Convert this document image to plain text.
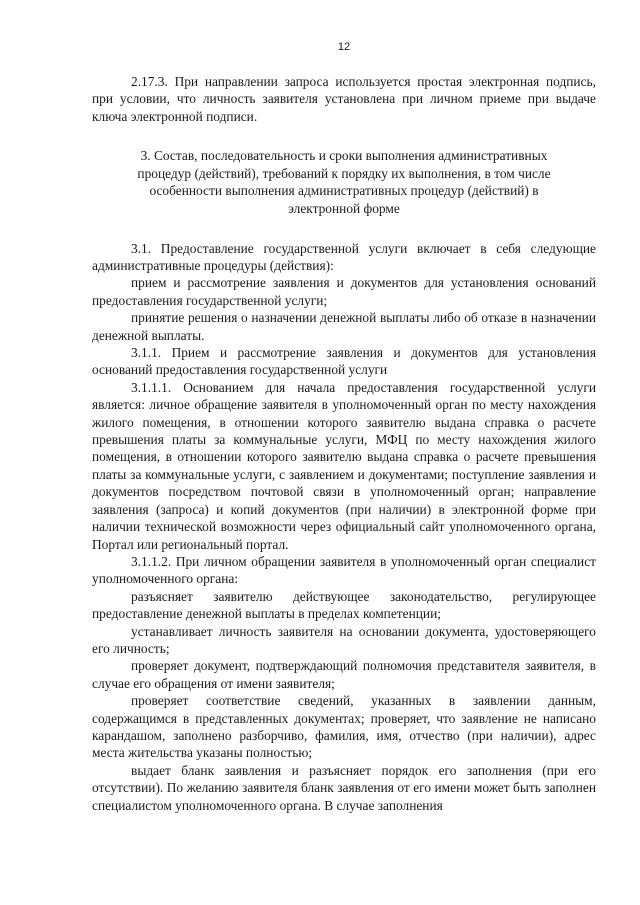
12

2.17.3. При направлении запроса используется простая электронная подпись, при условии, что личность заявителя установлена при личном приеме при выдаче ключа электронной подписи.

3. Состав, последовательность и сроки выполнения административных
процедур (действий), требований к порядку их выполнения, в том числе
особенности выполнения административных процедур (действий) в
электронной форме

3.1. Предоставление государственной услуги включает в себя следующие административные процедуры (действия):

прием и рассмотрение заявления и документов для установления оснований предоставления государственной услуги;

принятие решения о назначении денежной выплаты либо об отказе в назначении денежной выплаты.

3.1.1. Прием и рассмотрение заявления и документов для установления оснований предоставления государственной услуги

3.1.1.1. Основанием для начала предоставления государственной услуги является: личное обращение заявителя в уполномоченный орган по месту нахождения жилого помещения, в отношении которого заявителю выдана справка о расчете превышения платы за коммунальные услуги, МФЦ по месту нахождения жилого помещения, в отношении которого заявителю выдана справка о расчете превышения платы за коммунальные услуги, с заявлением и документами; поступление заявления и документов посредством почтовой связи в уполномоченный орган; направление заявления (запроса) и копий документов (при наличии) в электронной форме при наличии технической возможности через официальный сайт уполномоченного органа, Портал или региональный портал.

3.1.1.2. При личном обращении заявителя в уполномоченный орган специалист уполномоченного органа:

разъясняет заявителю действующее законодательство, регулирующее предоставление денежной выплаты в пределах компетенции;

устанавливает личность заявителя на основании документа, удостоверяющего его личность;

проверяет документ, подтверждающий полномочия представителя заявителя, в случае его обращения от имени заявителя;

проверяет соответствие сведений, указанных в заявлении данным, содержащимся в представленных документах; проверяет, что заявление не написано карандашом, заполнено разборчиво, фамилия, имя, отчество (при наличии), адрес места жительства указаны полностью;

выдает бланк заявления и разъясняет порядок его заполнения (при его отсутствии). По желанию заявителя бланк заявления от его имени может быть заполнен специалистом уполномоченного органа. В случае заполнения
